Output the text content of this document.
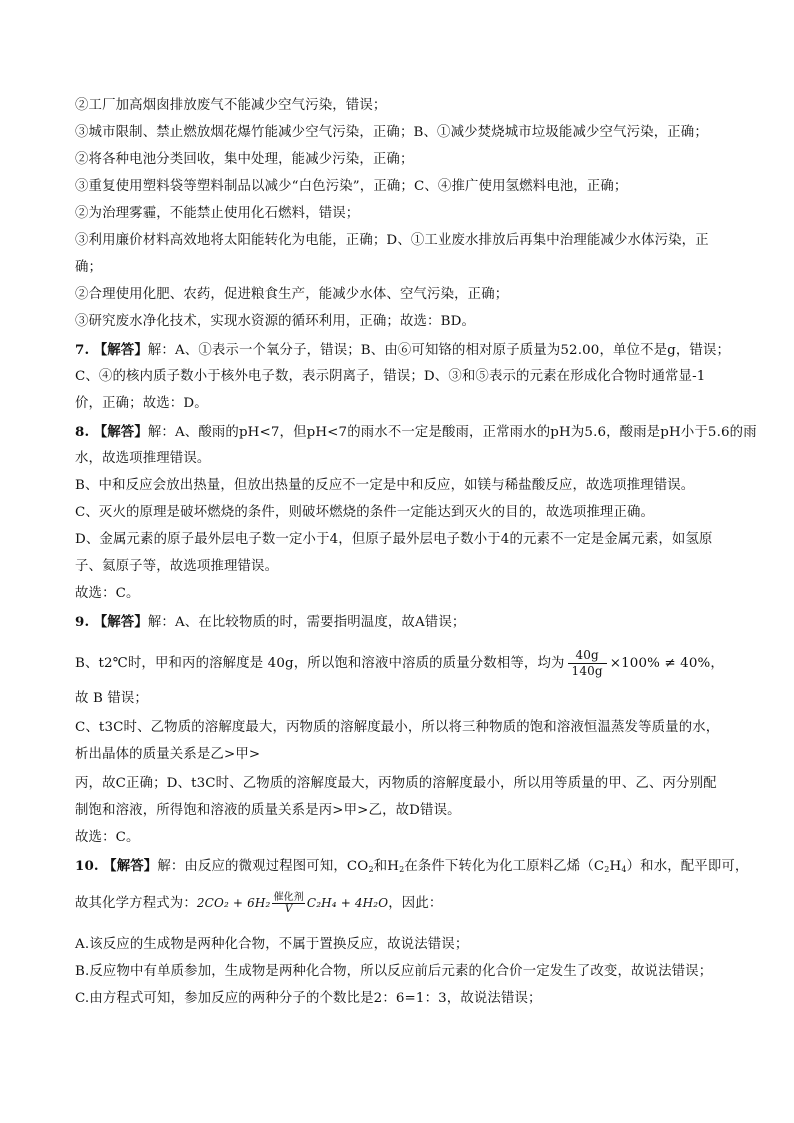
②工厂加高烟囱排放废气不能减少空气污染，错误；
③城市限制、禁止燃放烟花爆竹能减少空气污染，正确；B、①减少焚烧城市垃圾能减少空气污染，正确；
②将各种电池分类回收，集中处理，能减少污染，正确；
③重复使用塑料袋等塑料制品以减少“白色污染”，正确；C、④推广使用氢燃料电池，正确；
②为治理雾霾，不能禁止使用化石燃料，错误；
③利用廉价材料高效地将太阳能转化为电能，正确；D、①工业废水排放后再集中治理能减少水体污染，正
确；
②合理使用化肥、农药，促进粮食生产，能减少水体、空气污染，正确；
③研究废水净化技术，实现水资源的循环利用，正确；故选：BD。
7. 【解答】解：A、①表示一个氧分子，错误；B、由⑥可知铬的相对原子质量为52.00，单位不是g，错误；
C、④的核内质子数小于核外电子数，表示阴离子，错误；D、③和⑤表示的元素在形成化合物时通常显-1
价，正确；故选：D。
8. 【解答】解：A、酸雨的pH<7，但pH<7的雨水不一定是酸雨，正常雨水的pH为5.6，酸雨是pH小于5.6的雨
水，故选项推理错误。
B、中和反应会放出热量，但放出热量的反应不一定是中和反应，如镁与稀盐酸反应，故选项推理错误。
C、灭火的原理是破坏燃烧的条件，则破坏燃烧的条件一定能达到灭火的目的，故选项推理正确。
D、金属元素的原子最外层电子数一定小于4，但原子最外层电子数小于4的元素不一定是金属元素，如氢原
子、氦原子等，故选项推理错误。
故选：C。
9. 【解答】解：A、在比较物质的时，需要指明温度，故A错误；
B、t2℃时，甲和丙的溶解度是 40g，所以饱和溶液中溶质的质量分数相等，均为 $\frac{40g}{140g} \times 100\% \ne 40\%$，
故 B 错误；
C、t3C时、乙物质的溶解度最大，丙物质的溶解度最小，所以将三种物质的饱和溶液恒温蒸发等质量的水，
析出晶体的质量关系是乙>甲>
丙，故C正确；D、t3C时、乙物质的溶解度最大，丙物质的溶解度最小，所以用等质量的甲、乙、丙分别配
制饱和溶液，所得饱和溶液的质量关系是丙>甲>乙，故D错误。
故选：C。
10. 【解答】解：由反应的微观过程图可知，$CO_2$和$H_2$在条件下转化为化工原料乙烯$(C_2H_4)$和水，配平即可，
故其化学方程式为：2CO₂ + 6H₂ 催化剂
V	C₂H₄ + 4H₂O，因此：
A.该反应的生成物是两种化合物，不属于置换反应，故说法错误；
B.反应物中有单质参加，生成物是两种化合物，所以反应前后元素的化合价一定发生了改变，故说法错误；
C.由方程式可知，参加反应的两种分子的个数比是2：6=1：3，故说法错误；
